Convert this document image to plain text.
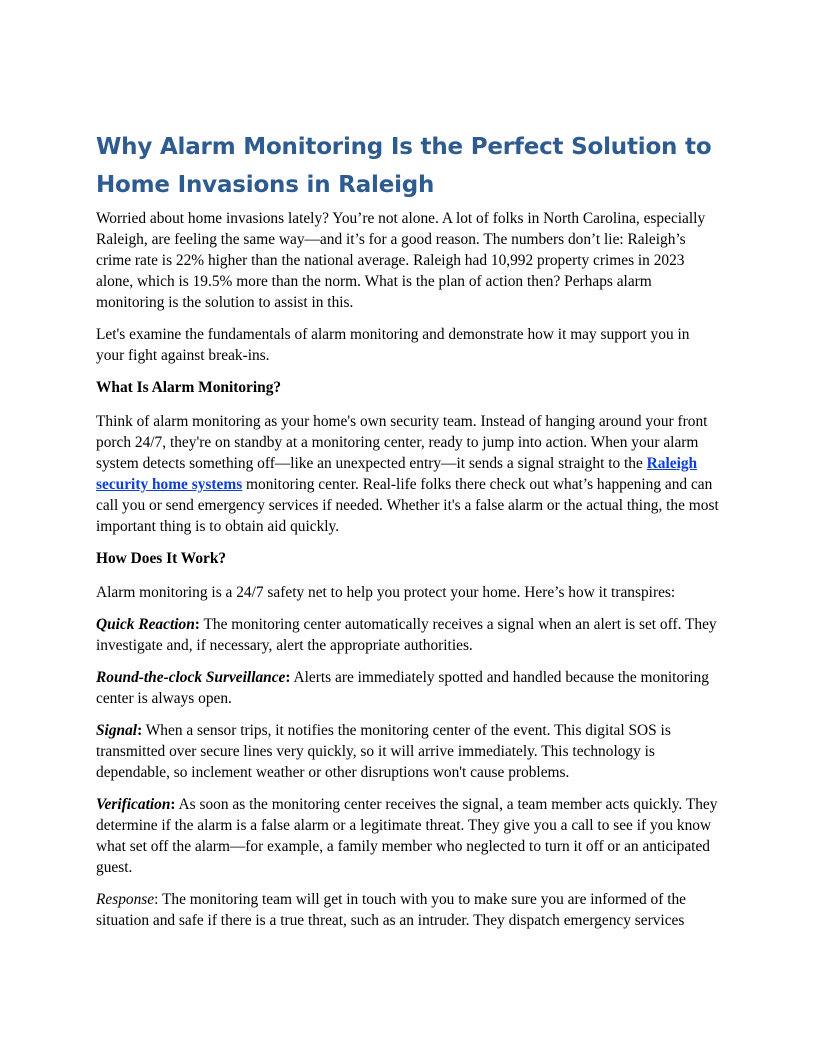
Why Alarm Monitoring Is the Perfect Solution to Home Invasions in Raleigh

Worried about home invasions lately? You’re not alone. A lot of folks in North Carolina, especially Raleigh, are feeling the same way—and it’s for a good reason. The numbers don’t lie: Raleigh’s crime rate is 22% higher than the national average. Raleigh had 10,992 property crimes in 2023 alone, which is 19.5% more than the norm. What is the plan of action then? Perhaps alarm monitoring is the solution to assist in this.

Let's examine the fundamentals of alarm monitoring and demonstrate how it may support you in your fight against break-ins.

What Is Alarm Monitoring?

Think of alarm monitoring as your home's own security team. Instead of hanging around your front porch 24/7, they're on standby at a monitoring center, ready to jump into action. When your alarm system detects something off—like an unexpected entry—it sends a signal straight to the Raleigh security home systems monitoring center. Real-life folks there check out what’s happening and can call you or send emergency services if needed. Whether it's a false alarm or the actual thing, the most important thing is to obtain aid quickly.

How Does It Work?

Alarm monitoring is a 24/7 safety net to help you protect your home. Here’s how it transpires:

Quick Reaction: The monitoring center automatically receives a signal when an alert is set off. They investigate and, if necessary, alert the appropriate authorities.

Round-the-clock Surveillance: Alerts are immediately spotted and handled because the monitoring center is always open.

Signal: When a sensor trips, it notifies the monitoring center of the event. This digital SOS is transmitted over secure lines very quickly, so it will arrive immediately. This technology is dependable, so inclement weather or other disruptions won't cause problems.

Verification: As soon as the monitoring center receives the signal, a team member acts quickly. They determine if the alarm is a false alarm or a legitimate threat. They give you a call to see if you know what set off the alarm—for example, a family member who neglected to turn it off or an anticipated guest.

Response: The monitoring team will get in touch with you to make sure you are informed of the situation and safe if there is a true threat, such as an intruder. They dispatch emergency services
